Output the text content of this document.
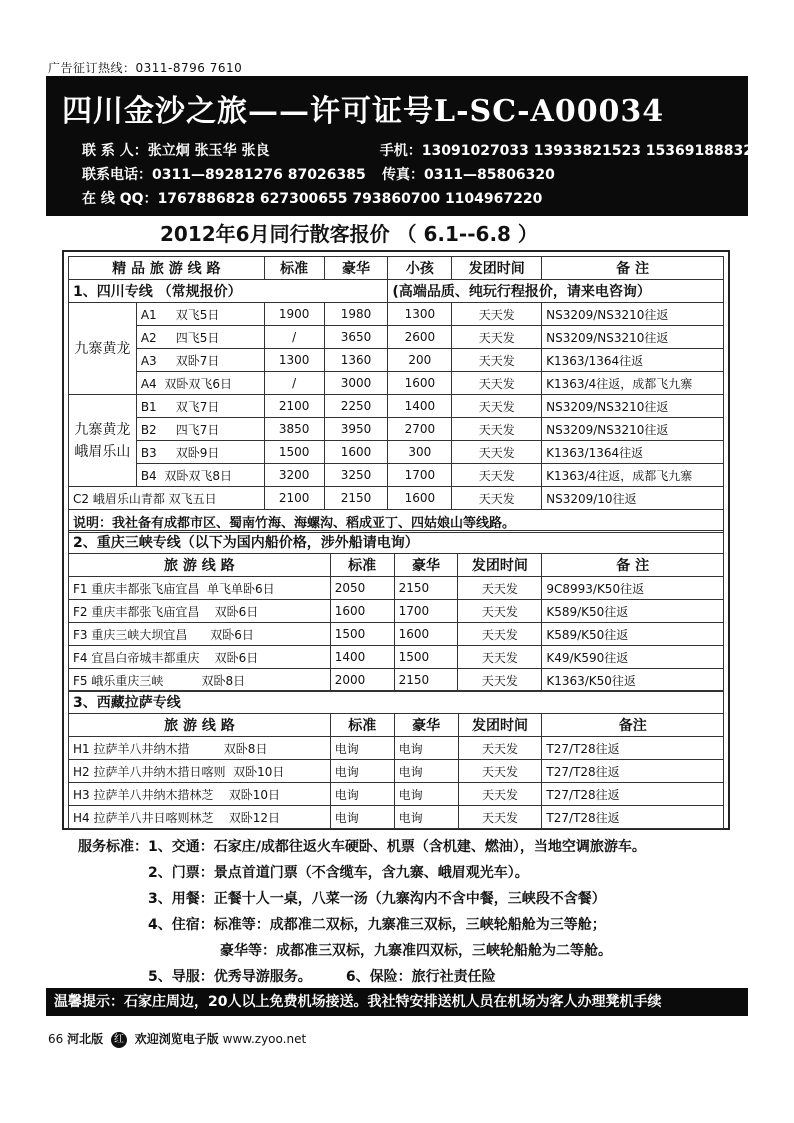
广告征订热线：0311-8796 7610
四川金沙之旅——许可证号L-SC-A00034
联 系 人：张立炯 张玉华 张良	手机：13091027033 13933821523 15369188832
联系电话：0311—89281276 87026385 传真：0311—85806320
在 线 QQ：1767886828 627300655 793860700 1104967220
2012年6月同行散客报价 （ 6.1--6.8 ）
精 品 旅 游 线 路		标准	豪华	小孩	发团时间	备 注
1、四川专线 （常规报价）				(高端品质、纯玩行程报价，请来电咨询）		
九寨黄龙	A1 双飞5日	1900	1980	1300	天天发	NS3209/NS3210往返
	A2 四飞5日	/	3650	2600	天天发	NS3209/NS3210往返
	A3 双卧7日	1300	1360	200	天天发	K1363/1364往返
	A4 双卧双飞6日	/	3000	1600	天天发	K1363/4往返，成都飞九寨
九寨黄龙峨眉乐山	B1 双飞7日	2100	2250	1400	天天发	NS3209/NS3210往返
	B2 四飞7日	3850	3950	2700	天天发	NS3209/NS3210往返
	B3 双卧9日	1500	1600	300	天天发	K1363/1364往返
	B4 双卧双飞8日	3200	3250	1700	天天发	K1363/4往返，成都飞九寨
C2 峨眉乐山青都 双飞五日		2100	2150	1600	天天发	NS3209/10往返
说明：我社备有成都市区、蜀南竹海、海螺沟、稻成亚丁、四姑娘山等线路。						
2、重庆三峡专线（以下为国内船价格，涉外船请电询）				
旅 游 线 路	标准	豪华	发团时间	备 注
F1 重庆丰都张飞庙宜昌  单飞单卧6日	2050	2150	天天发	9C8993/K50往返
F2 重庆丰都张飞庙宜昌    双卧6日	1600	1700	天天发	K589/K50往返
F3 重庆三峡大坝宜昌      双卧6日	1500	1600	天天发	K589/K50往返
F4 宜昌白帝城丰都重庆    双卧6日	1400	1500	天天发	K49/K590往返
F5 峨乐重庆三峡          双卧8日	2000	2150	天天发	K1363/K50往返
3、西藏拉萨专线				
旅 游 线 路	标准	豪华	发团时间	备注
H1 拉萨羊八井纳木措         双卧8日	电询	电询	天天发	T27/T28往返
H2 拉萨羊八井纳木措日喀则  双卧10日	电询	电询	天天发	T27/T28往返
H3 拉萨羊八井纳木措林芝    双卧10日	电询	电询	天天发	T27/T28往返
H4 拉萨羊八井日喀则林芝    双卧12日	电询	电询	天天发	T27/T28往返
服务标准：1、交通：石家庄/成都往返火车硬卧、机票（含机建、燃油），当地空调旅游车。
2、门票：景点首道门票（不含缆车，含九寨、峨眉观光车）。
3、用餐：正餐十人一桌，八菜一汤（九寨沟内不含中餐，三峡段不含餐）
4、住宿：标准等：成都准二双标，九寨准三双标，三峡轮船舱为三等舱；
豪华等：成都准三双标，九寨准四双标，三峡轮船舱为二等舱。
5、导服：优秀导游服务。 6、保险：旅行社责任险
温馨提示：石家庄周边，20人以上免费机场接送。我社特安排送机人员在机场为客人办理凳机手续
66 河北版 红 欢迎浏览电子版 www.zyoo.net
